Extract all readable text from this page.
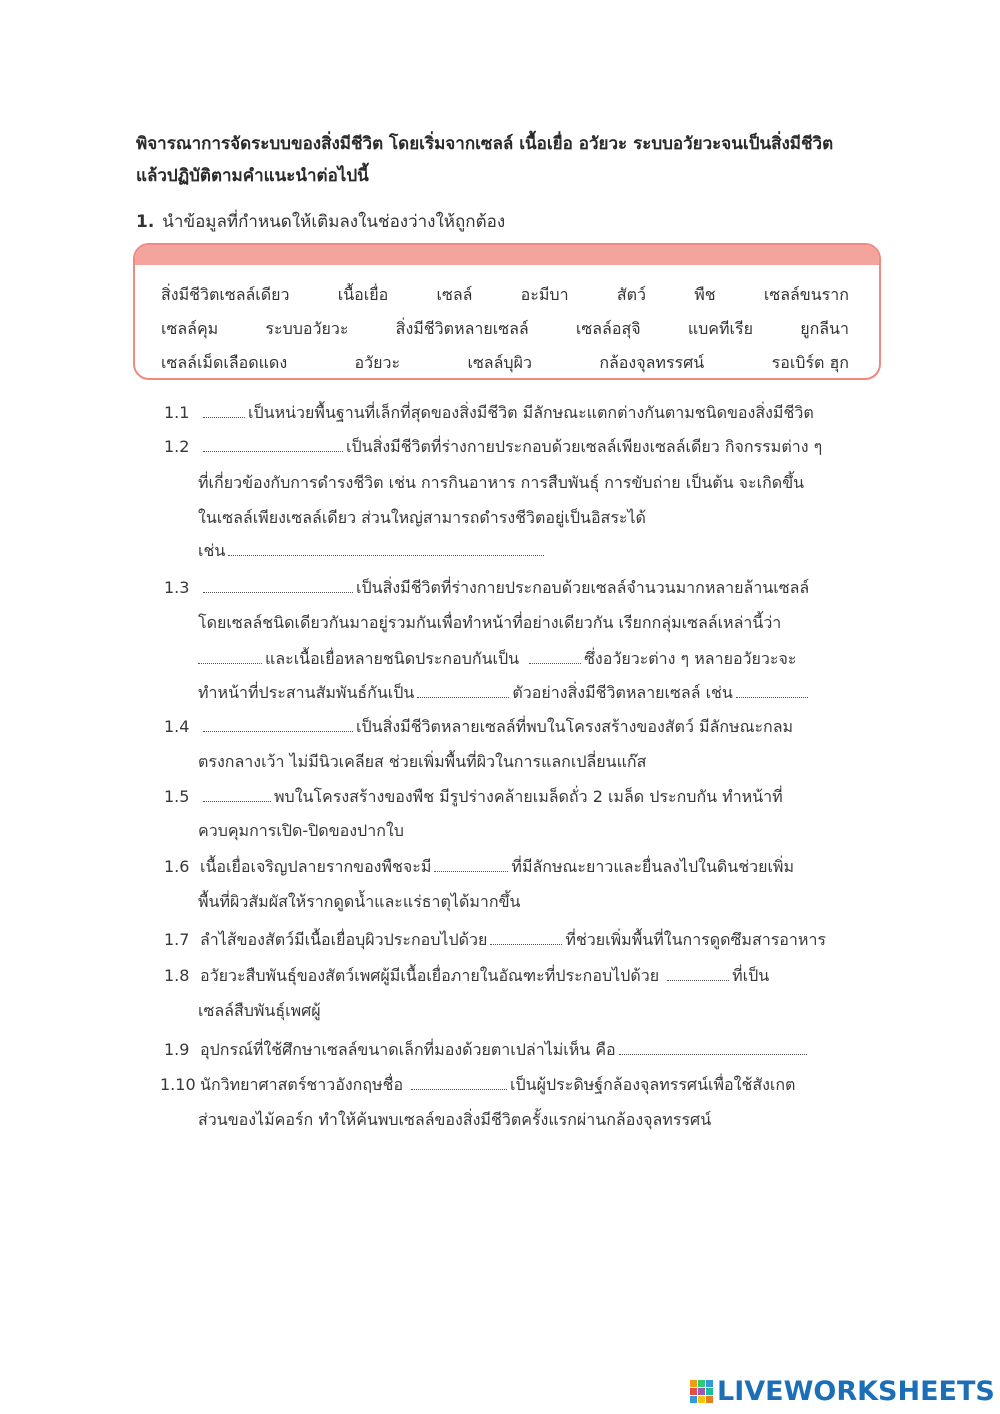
พิจารณาการจัดระบบของสิ่งมีชีวิต โดยเริ่มจากเซลล์ เนื้อเยื่อ อวัยวะ ระบบอวัยวะจนเป็นสิ่งมีชีวิต
แล้วปฏิบัติตามคำแนะนำต่อไปนี้
1. นำข้อมูลที่กำหนดให้เติมลงในช่องว่างให้ถูกต้อง
สิ่งมีชีวิตเซลล์เดียว	เนื้อเยื่อ	เซลล์	อะมีบา	สัตว์	พืช	เซลล์ขนราก
เซลล์คุม	ระบบอวัยวะ	สิ่งมีชีวิตหลายเซลล์	เซลล์อสุจิ	แบคทีเรีย	ยูกลีนา
เซลล์เม็ดเลือดแดง	อวัยวะ	เซลล์บุผิว	กล้องจุลทรรศน์	รอเบิร์ต ฮุก
1.1	เป็นหน่วยพื้นฐานที่เล็กที่สุดของสิ่งมีชีวิต มีลักษณะแตกต่างกันตามชนิดของสิ่งมีชีวิต
1.2	เป็นสิ่งมีชีวิตที่ร่างกายประกอบด้วยเซลล์เพียงเซลล์เดียว กิจกรรมต่าง ๆ
ที่เกี่ยวข้องกับการดำรงชีวิต เช่น การกินอาหาร การสืบพันธุ์ การขับถ่าย เป็นต้น จะเกิดขึ้น
ในเซลล์เพียงเซลล์เดียว ส่วนใหญ่สามารถดำรงชีวิตอยู่เป็นอิสระได้
เช่น
1.3	เป็นสิ่งมีชีวิตที่ร่างกายประกอบด้วยเซลล์จำนวนมากหลายล้านเซลล์
โดยเซลล์ชนิดเดียวกันมาอยู่รวมกันเพื่อทำหน้าที่อย่างเดียวกัน เรียกกลุ่มเซลล์เหล่านี้ว่า
และเนื้อเยื่อหลายชนิดประกอบกันเป็น	ซึ่งอวัยวะต่าง ๆ หลายอวัยวะจะ
ทำหน้าที่ประสานสัมพันธ์กันเป็น	ตัวอย่างสิ่งมีชีวิตหลายเซลล์ เช่น
1.4	เป็นสิ่งมีชีวิตหลายเซลล์ที่พบในโครงสร้างของสัตว์ มีลักษณะกลม
ตรงกลางเว้า ไม่มีนิวเคลียส ช่วยเพิ่มพื้นที่ผิวในการแลกเปลี่ยนแก๊ส
1.5	พบในโครงสร้างของพืช มีรูปร่างคล้ายเมล็ดถั่ว 2 เมล็ด ประกบกัน ทำหน้าที่
ควบคุมการเปิด-ปิดของปากใบ
1.6 เนื้อเยื่อเจริญปลายรากของพืชจะมี	ที่มีลักษณะยาวและยื่นลงไปในดินช่วยเพิ่ม
พื้นที่ผิวสัมผัสให้รากดูดน้ำและแร่ธาตุได้มากขึ้น
1.7 ลำไส้ของสัตว์มีเนื้อเยื่อบุผิวประกอบไปด้วย	ที่ช่วยเพิ่มพื้นที่ในการดูดซึมสารอาหาร
1.8 อวัยวะสืบพันธุ์ของสัตว์เพศผู้มีเนื้อเยื่อภายในอัณฑะที่ประกอบไปด้วย	ที่เป็น
เซลล์สืบพันธุ์เพศผู้
1.9 อุปกรณ์ที่ใช้ศึกษาเซลล์ขนาดเล็กที่มองด้วยตาเปล่าไม่เห็น คือ
1.10 นักวิทยาศาสตร์ชาวอังกฤษชื่อ	เป็นผู้ประดิษฐ์กล้องจุลทรรศน์เพื่อใช้สังเกต
ส่วนของไม้คอร์ก ทำให้ค้นพบเซลล์ของสิ่งมีชีวิตครั้งแรกผ่านกล้องจุลทรรศน์
LIVEWORKSHEETS
